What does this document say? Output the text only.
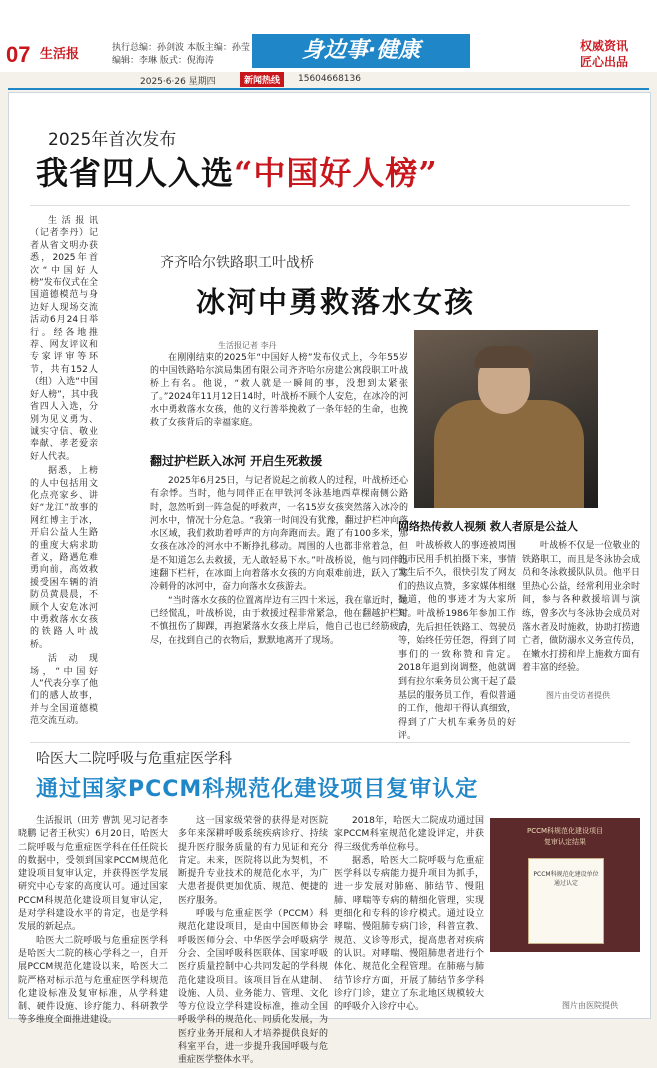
07 生活报	执行总编：孙剑波 本版主编：孙莹
编辑：李琳 版式：倪海涛	身边事·健康	权威资讯
匠心出品
2025·6·26 星期四	新闻热线	15604668136
2025年首次发布
我省四人入选“中国好人榜”

生活报讯（记者李丹）记者从省文明办获悉，2025年首次“中国好人榜”发布仪式在全国道德模范与身边好人现场交流活动6月24日举行。经各地推荐、网友评议和专家评审等环节，共有152人（组）入选“中国好人榜”，其中我省四人入选，分别为见义勇为、诚实守信、敬业奉献、孝老爱亲好人代表。

据悉，上榜的人中包括用文化点亮家乡、讲好“龙江”故事的网红博主于冰，开启公益人生路的重度大病求助者义，路遇危难勇向前，高效救援受困车辆的消防员黄晨晨，不顾个人安危冰河中勇救落水女孩的铁路人叶战桥。

活动现场，“中国好人”代表分享了他们的感人故事，并与全国道德模范交流互动。

齐齐哈尔铁路职工叶战桥
冰河中勇救落水女孩
生活报记者 李丹

在刚刚结束的2025年“中国好人榜”发布仪式上，今年55岁的中国铁路哈尔滨局集团有限公司齐齐哈尔房建公寓段职工叶战桥上有名。他说，“救人就是一瞬间的事，没想到太紧张了。”2024年11月12日14时，叶战桥不顾个人安危，在冰冷的河水中勇救落水女孩，他的义行善举挽救了一条年轻的生命，也挽救了女孩背后的幸福家庭。

翻过护栏跃入冰河 开启生死救援

2025年6月25日，与记者说起之前救人的过程，叶战桥还心有余悸。当时，他与同伴正在甲铁河冬泳基地西草棵南侧公路时，忽然听到一阵急促的呼救声，一名15岁女孩突然落入冰冷的河水中，情况十分危急。“我第一时间没有犹豫，翻过护栏冲向落水区域，我们救助着呼声的方向奔跑而去。跑了有100多米，那女孩在冰冷的河水中不断挣扎移动。周围的人也都非常着急，但是不知道怎么去救援，无人敢轻易下水。”叶战桥说，他与同伴迅速翻下栏杆，在冰面上向着落水女孩的方向艰难前进，跃入了寒冷刺骨的冰河中，奋力向落水女孩游去。

“当时落水女孩的位置离岸边有三四十米远，我在靠近时，她已经慌乱，叶战桥说，由于救援过程非常紧急，他在翻越护栏时不慎扭伤了脚踝，再抱紧落水女孩上岸后，他自己也已经筋疲力尽，在找到自己的衣物后，默默地离开了现场。

网络热传救人视频 救人者原是公益人

叶战桥救人的事迹被周围的市民用手机拍摄下来，事情发生后不久，很快引发了网友们的热议点赞，多家媒体相继报道，他的事迹才为大家所知。叶战桥1986年参加工作后，先后担任铁路工、驾驶员等，始终任劳任怨，得到了同事们的一致称赞和肯定。2018年退到岗调整，他就调到有拉尔乘务员公寓干起了最基层的服务员工作，看似普通的工作，他却干得认真细致，得到了广大机车乘务员的好评。

叶战桥不仅是一位敬业的铁路职工，而且是冬泳协会成员和冬泳救援队队员。他平日里热心公益，经常利用业余时间，参与各种救援培训与演练，曾多次与冬泳协会成员对落水者及时施救，协助打捞遗亡者，做防溺水义务宣传员，在嫩水打捞和岸上施救方面有着丰富的经验。

图片由受访者提供
哈医大二院呼吸与危重症医学科
通过国家PCCM科规范化建设项目复审认定

生活报讯（田芳 曹凯 见习记者李晓鹏 记者王秋实）6月20日，哈医大二院呼吸与危重症医学科在任任院长的数据中，受领到国家PCCM规范化建设项目复审认定，并获得医学发展研究中心专家的高度认可。通过国家PCCM科规范化建设项目复审认定，是对学科建设水平的肯定，也是学科发展的新起点。

哈医大二院呼吸与危重症医学科是哈医大二院的核心学科之一，自开展PCCM规范化建设以来，哈医大二院严格对标示范与危重症医学科规范化建设标准及复审标准，从学科建制、硬件设施、诊疗能力、科研教学等多维度全面推进建设。

这一国家级荣誉的获得是对医院多年来深耕呼吸系统疾病诊疗、持续提升医疗服务质量的有力见证和充分肯定。未来，医院将以此为契机，不断提升专业技术的规范化水平，为广大患者提供更加优质、规范、便捷的医疗服务。

呼吸与危重症医学（PCCM）科规范化建设项目，是由中国医师协会呼吸医师分会、中华医学会呼吸病学分会、全国呼吸科医联体、国家呼吸医疗质量控制中心共同发起的学科规范化建设项目。该项目旨在从建制、设施、人员、业务能力、管理、文化等方位设立学科建设标准，推动全国呼吸学科的规范化、同质化发展，为医疗业务开展和人才培养提供良好的科室平台，进一步提升我国呼吸与危重症医学整体水平。

2018年，哈医大二院成功通过国家PCCM科室规范化建设评定，并获得三级优秀单位称号。

据悉，哈医大二院呼吸与危重症医学科以专病能力提升项目为抓手，进一步发展对肺癌、肺结节、慢阻肺、哮喘等专病的精细化管理，实现更细化和专科的诊疗模式。通过设立哮喘、慢阻肺专病门诊，科普宣教、规范、义诊等形式，提高患者对疾病的认识。对哮喘、慢阻肺患者进行个体化、规范化全程管理。在肺癌与肺结节诊疗方面，开展了肺结节多学科诊疗门诊，建立了东北地区规模较大的呼吸介入诊疗中心。

PCCM科规范化建设项目
复审认定结果
PCCM科规范化建设单位 通过认定
图片由医院提供
